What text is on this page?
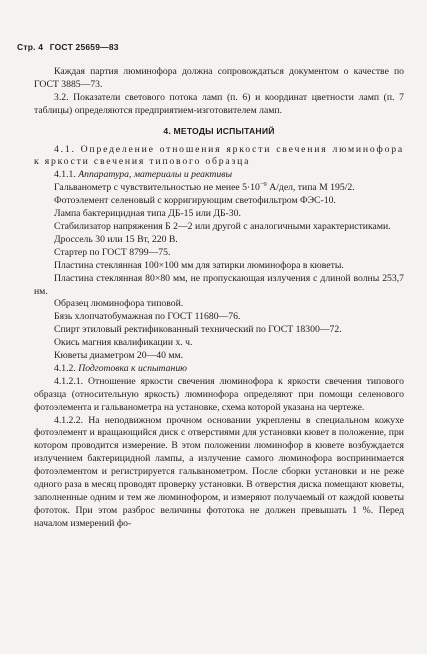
Стр. 4 ГОСТ 25659—83

Каждая партия люминофора должна сопровождаться документом о качестве по ГОСТ 3885—73.

3.2. Показатели светового потока ламп (п. 6) и координат цветности ламп (п. 7 таблицы) определяются предприятием-изготовителем ламп.

4. МЕТОДЫ ИСПЫТАНИЙ

4.1. Определение отношения яркости свечения люминофора к яркости свечения типового образца

4.1.1. Аппаратура, материалы и реактивы

Гальванометр с чувствительностью не менее $5\cdot 10^{-9}$ А/дел, типа М 195/2.

Фотоэлемент селеновый с корригирующим светофильтром ФЭС-10.

Лампа бактерицидная типа ДБ-15 или ДБ-30.

Стабилизатор напряжения Б 2—2 или другой с аналогичными характеристиками.

Дроссель 30 или 15 Вт, 220 В.

Стартер по ГОСТ 8799—75.

Пластина стеклянная 100×100 мм для затирки люминофора в кюветы.

Пластина стеклянная 80×80 мм, не пропускающая излучения с длиной волны 253,7 нм.

Образец люминофора типовой.

Бязь хлопчатобумажная по ГОСТ 11680—76.

Спирт этиловый ректификованный технический по ГОСТ 18300—72.

Окись магния квалификации х. ч.

Кюветы диаметром 20—40 мм.

4.1.2. Подготовка к испытанию

4.1.2.1. Отношение яркости свечения люминофора к яркости свечения типового образца (относительную яркость) люминофора определяют при помощи селенового фотоэлемента и гальванометра на установке, схема которой указана на чертеже.

4.1.2.2. На неподвижном прочном основании укреплены в специальном кожухе фотоэлемент и вращающийся диск с отверстиями для установки кювет в положение, при котором проводится измерение. В этом положении люминофор в кювете возбуждается излучением бактерицидной лампы, а излучение самого люминофора воспринимается фотоэлементом и регистрируется гальванометром. После сборки установки и не реже одного раза в месяц проводят проверку установки. В отверстия диска помещают кюветы, заполненные одним и тем же люминофором, и измеряют получаемый от каждой кюветы фототок. При этом разброс величины фототока не должен превышать 1 %. Перед началом измерений фо-
